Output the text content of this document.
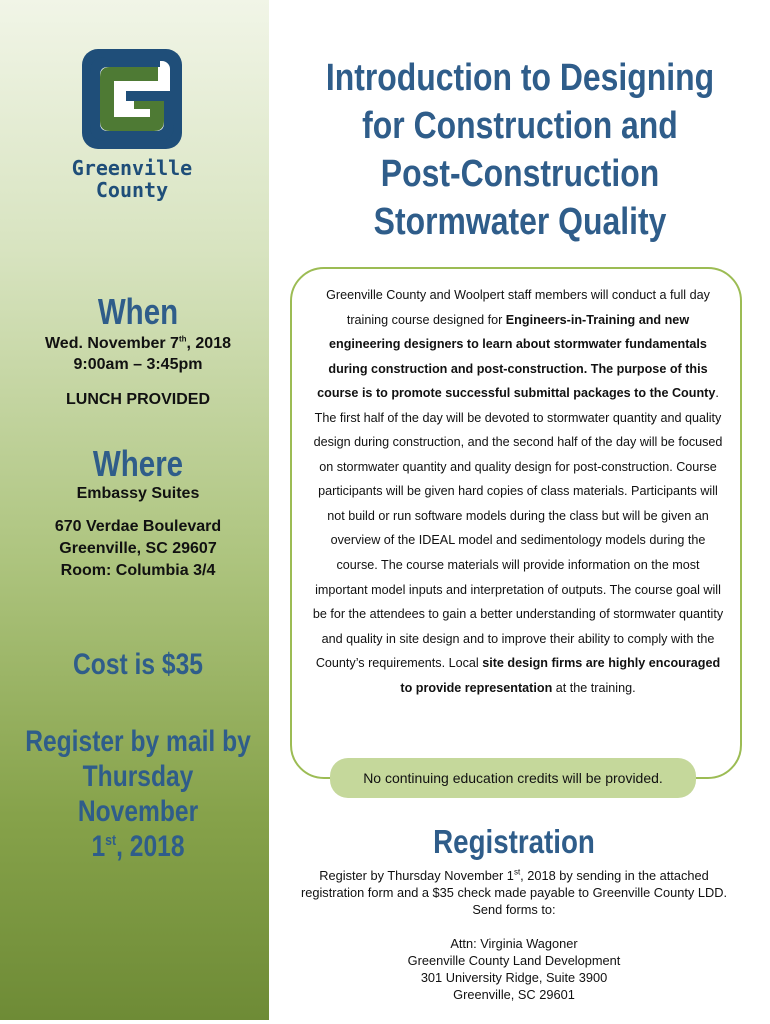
Greenville
County
When

Wed. November 7th, 2018

9:00am – 3:45pm

LUNCH PROVIDED
Where
Embassy Suites

670 Verdae Boulevard

Greenville, SC 29607

Room: Columbia 3/4

Cost is $35
Register by mail by
Thursday November
1st, 2018
Introduction to Designing
for Construction and
Post-Construction
Stormwater Quality
Greenville County and Woolpert staff members will conduct a full day training course designed for Engineers-in-Training and new engineering designers to learn about stormwater fundamentals during construction and post-construction. The purpose of this course is to promote successful submittal packages to the County. The first half of the day will be devoted to stormwater quantity and quality design during construction, and the second half of the day will be focused on stormwater quantity and quality design for post-construction. Course participants will be given hard copies of class materials. Participants will not build or run software models during the class but will be given an overview of the IDEAL model and sedimentology models during the course. The course materials will provide information on the most important model inputs and interpretation of outputs. The course goal will be for the attendees to gain a better understanding of stormwater quantity and quality in site design and to improve their ability to comply with the County’s requirements. Local site design firms are highly encouraged to provide representation at the training.
No continuing education credits will be provided.
Registration

Register by Thursday November 1st, 2018 by sending in the attached registration form and a $35 check made payable to Greenville County LDD. Send forms to:

Attn: Virginia Wagoner

Greenville County Land Development

301 University Ridge, Suite 3900

Greenville, SC 29601
